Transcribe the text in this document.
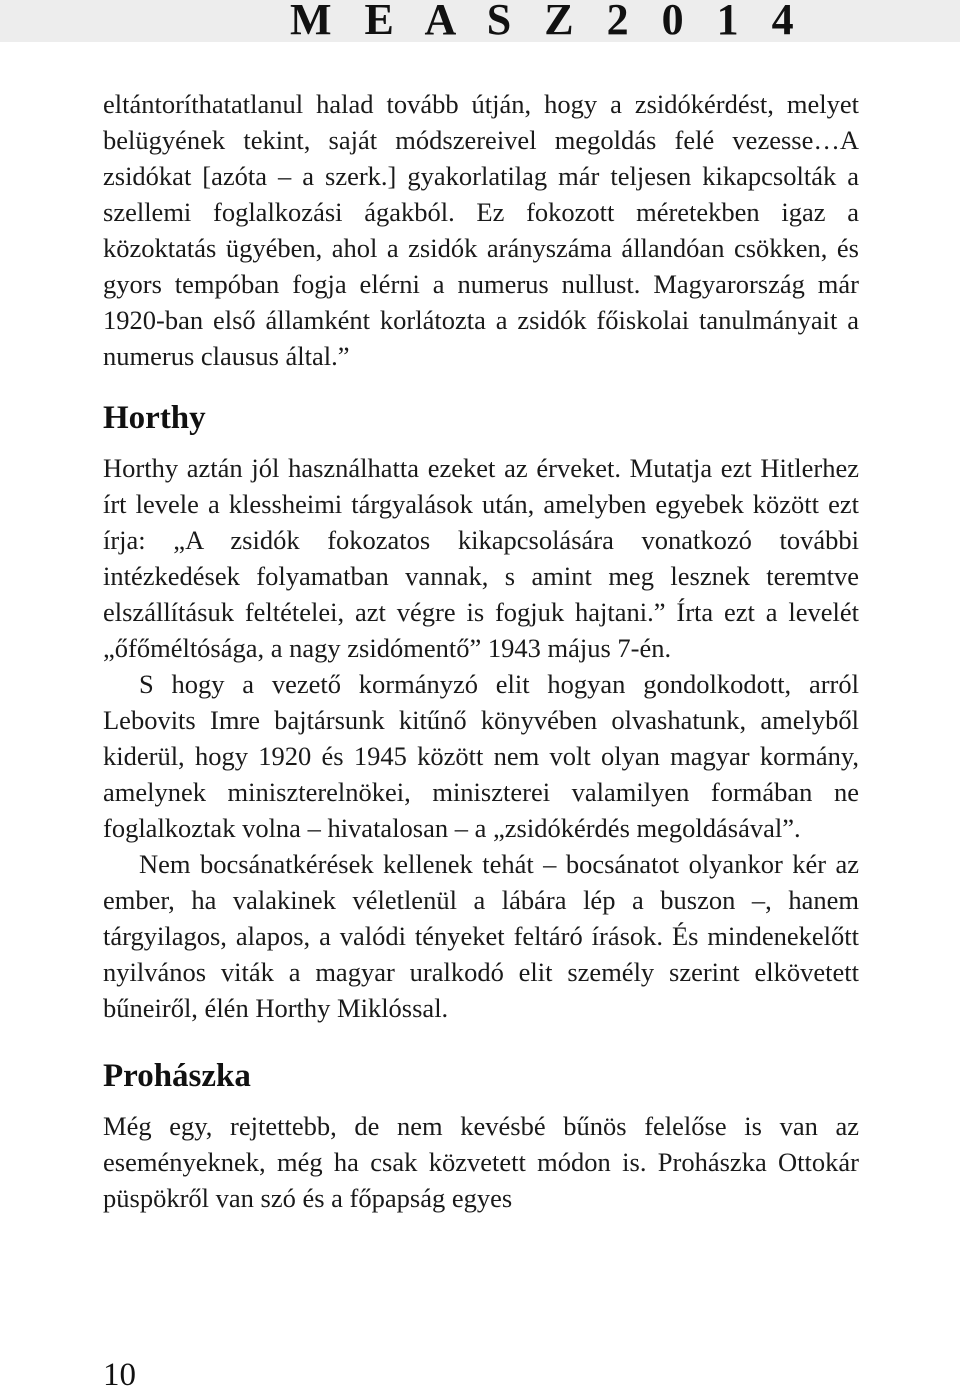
M E A S Z 2 0 1 4

eltántoríthatatlanul halad tovább útján, hogy a zsidókérdést, melyet belügyének tekint, saját módszereivel megoldás felé vezesse…A zsidókat [azóta – a szerk.] gyakorlatilag már teljesen kikapcsolták a szellemi foglalkozási ágakból. Ez fokozott méretekben igaz a közoktatás ügyében, ahol a zsidók arányszáma állandóan csökken, és gyors tempóban fogja elérni a numerus nullust. Magyarország már 1920-ban első államként korlátozta a zsidók főiskolai tanulmányait a numerus clausus által.”

Horthy

Horthy aztán jól használhatta ezeket az érveket. Mutatja ezt Hitlerhez írt levele a klessheimi tárgyalások után, amelyben egyebek között ezt írja: „A zsidók fokozatos kikapcsolására vonatkozó további intézkedések folyamatban vannak, s amint meg lesznek teremtve elszállításuk feltételei, azt végre is fogjuk hajtani.” Írta ezt a levelét „őfőméltósága, a nagy zsidómentő” 1943 május 7-én.

S hogy a vezető kormányzó elit hogyan gondolkodott, arról Lebovits Imre bajtársunk kitűnő könyvében olvashatunk, amelyből kiderül, hogy 1920 és 1945 között nem volt olyan magyar kormány, amelynek miniszterelnökei, miniszterei valamilyen formában ne foglalkoztak volna – hivatalosan – a „zsidókérdés megoldásával”.

Nem bocsánatkérések kellenek tehát – bocsánatot olyankor kér az ember, ha valakinek véletlenül a lábára lép a buszon –, hanem tárgyilagos, alapos, a valódi tényeket feltáró írások. És mindenekelőtt nyilvános viták a magyar uralkodó elit személy szerint elkövetett bűneiről, élén Horthy Miklóssal.

Prohászka

Még egy, rejtettebb, de nem kevésbé bűnös felelőse is van az eseményeknek, még ha csak közvetett módon is. Prohászka Ottokár püspökről van szó és a főpapság egyes

10
